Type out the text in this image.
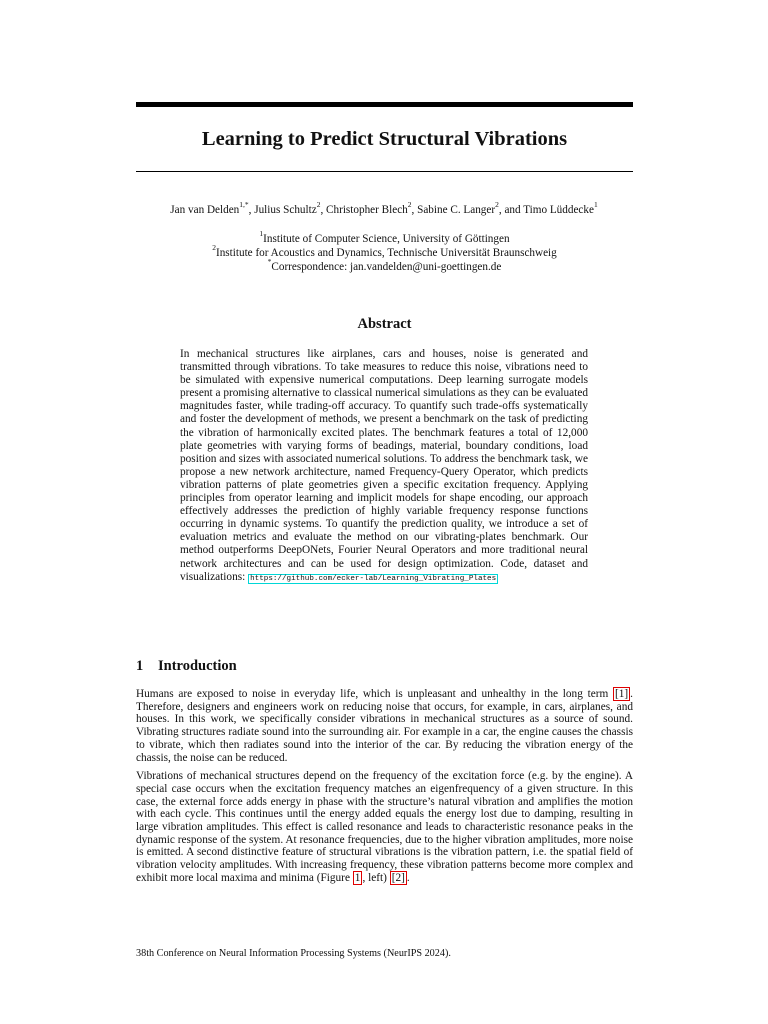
Learning to Predict Structural Vibrations
Jan van Delden$^{1,*}$, Julius Schultz$^2$, Christopher Blech$^2$, Sabine C. Langer$^2$, and Timo Lüddecke$^1$
$^1$Institute of Computer Science, University of Göttingen
$^2$Institute for Acoustics and Dynamics, Technische Universität Braunschweig
*Correspondence: jan.vandelden@uni-goettingen.de
Abstract
In mechanical structures like airplanes, cars and houses, noise is generated and transmitted through vibrations. To take measures to reduce this noise, vibrations need to be simulated with expensive numerical computations. Deep learning surrogate models present a promising alternative to classical numerical simulations as they can be evaluated magnitudes faster, while trading-off accuracy. To quantify such trade-offs systematically and foster the development of methods, we present a benchmark on the task of predicting the vibration of harmonically excited plates. The benchmark features a total of 12,000 plate geometries with varying forms of beadings, material, boundary conditions, load position and sizes with associated numerical solutions. To address the benchmark task, we propose a new network architecture, named Frequency-Query Operator, which predicts vibration patterns of plate geometries given a specific excitation frequency. Applying principles from operator learning and implicit models for shape encoding, our approach effectively addresses the prediction of highly variable frequency response functions occurring in dynamic systems. To quantify the prediction quality, we introduce a set of evaluation metrics and evaluate the method on our vibrating-plates benchmark. Our method outperforms DeepONets, Fourier Neural Operators and more traditional neural network architectures and can be used for design optimization. Code, dataset and visualizations: https://github.com/ecker-lab/Learning_Vibrating_Plates
1 Introduction

Humans are exposed to noise in everyday life, which is unpleasant and unhealthy in the long term [1] . Therefore, designers and engineers work on reducing noise that occurs, for example, in cars, airplanes, and houses. In this work, we specifically consider vibrations in mechanical structures as a source of sound. Vibrating structures radiate sound into the surrounding air. For example in a car, the engine causes the chassis to vibrate, which then radiates sound into the interior of the car. By reducing the vibration energy of the chassis, the noise can be reduced.

Vibrations of mechanical structures depend on the frequency of the excitation force (e.g. by the engine). A special case occurs when the excitation frequency matches an eigenfrequency of a given structure. In this case, the external force adds energy in phase with the structure’s natural vibration and amplifies the motion with each cycle. This continues until the energy added equals the energy lost due to damping, resulting in large vibration amplitudes. This effect is called resonance and leads to characteristic resonance peaks in the dynamic response of the system. At resonance frequencies, due to the higher vibration amplitudes, more noise is emitted. A second distinctive feature of structural vibrations is the vibration pattern, i.e. the spatial field of vibration velocity amplitudes. With increasing frequency, these vibration patterns become more complex and exhibit more local maxima and minima (Figure 1 , left) [2] .

38th Conference on Neural Information Processing Systems (NeurIPS 2024).
